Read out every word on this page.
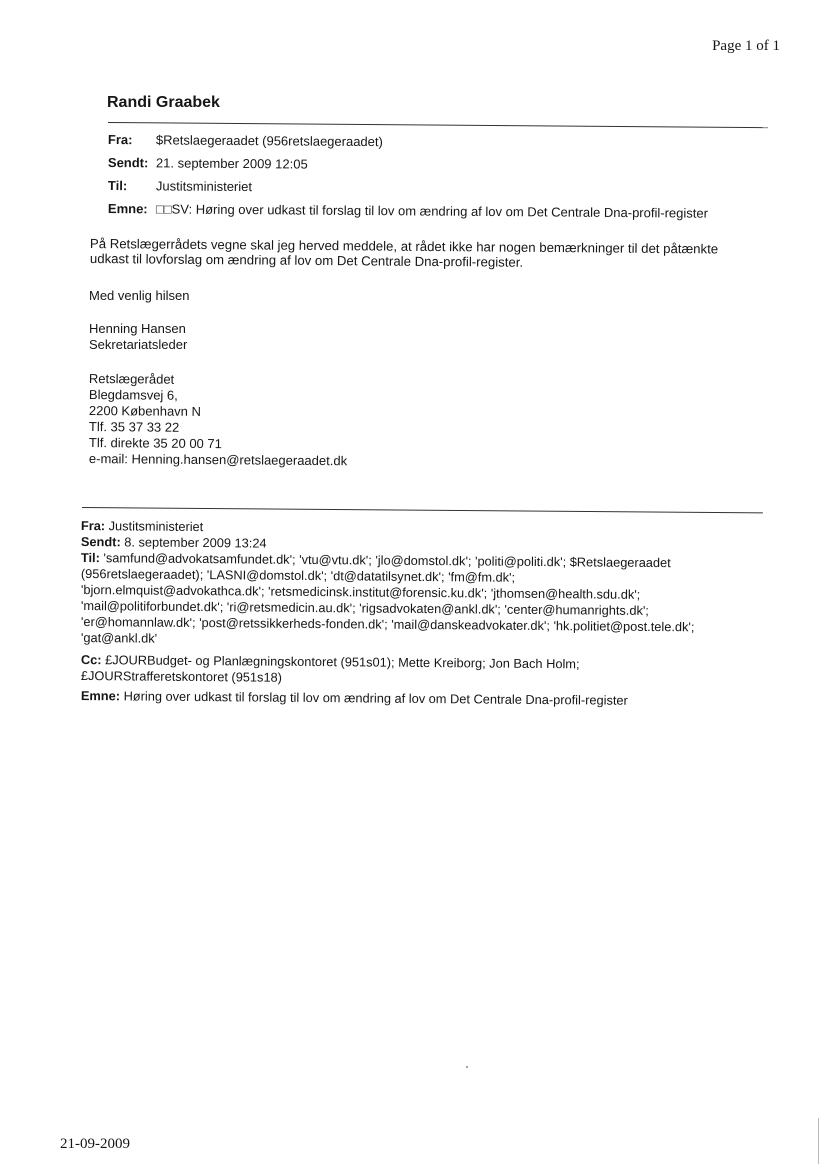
Page 1 of 1
Randi Graabek
Fra: $Retslaegeraadet (956retslaegeraadet)
Sendt: 21. september 2009 12:05
Til: Justitsministeriet
Emne: □□SV: Høring over udkast til forslag til lov om ændring af lov om Det Centrale Dna-profil-register
På Retslægerrådets vegne skal jeg herved meddele, at rådet ikke har nogen bemærkninger til det påtænkte
udkast til lovforslag om ændring af lov om Det Centrale Dna-profil-register.
Med venlig hilsen
Henning Hansen
Sekretariatsleder
Retslægerådet
Blegdamsvej 6,
2200 København N
Tlf. 35 37 33 22
Tlf. direkte 35 20 00 71
e-mail: Henning.hansen@retslaegeraadet.dk
Fra: Justitsministeriet
Sendt: 8. september 2009 13:24
Til: 'samfund@advokatsamfundet.dk'; 'vtu@vtu.dk'; 'jlo@domstol.dk'; 'politi@politi.dk'; $Retslaegeraadet
(956retslaegeraadet); 'LASNI@domstol.dk'; 'dt@datatilsynet.dk'; 'fm@fm.dk';
'bjorn.elmquist@advokathca.dk'; 'retsmedicinsk.institut@forensic.ku.dk'; 'jthomsen@health.sdu.dk';
'mail@politiforbundet.dk'; 'ri@retsmedicin.au.dk'; 'rigsadvokaten@ankl.dk'; 'center@humanrights.dk';
'er@homannlaw.dk'; 'post@retssikkerheds-fonden.dk'; 'mail@danskeadvokater.dk'; 'hk.politiet@post.tele.dk';
'gat@ankl.dk'
Cc: £JOURBudget- og Planlægningskontoret (951s01); Mette Kreiborg; Jon Bach Holm;
£JOURStrafferetskontoret (951s18)
Emne: Høring over udkast til forslag til lov om ændring af lov om Det Centrale Dna-profil-register
21-09-2009
